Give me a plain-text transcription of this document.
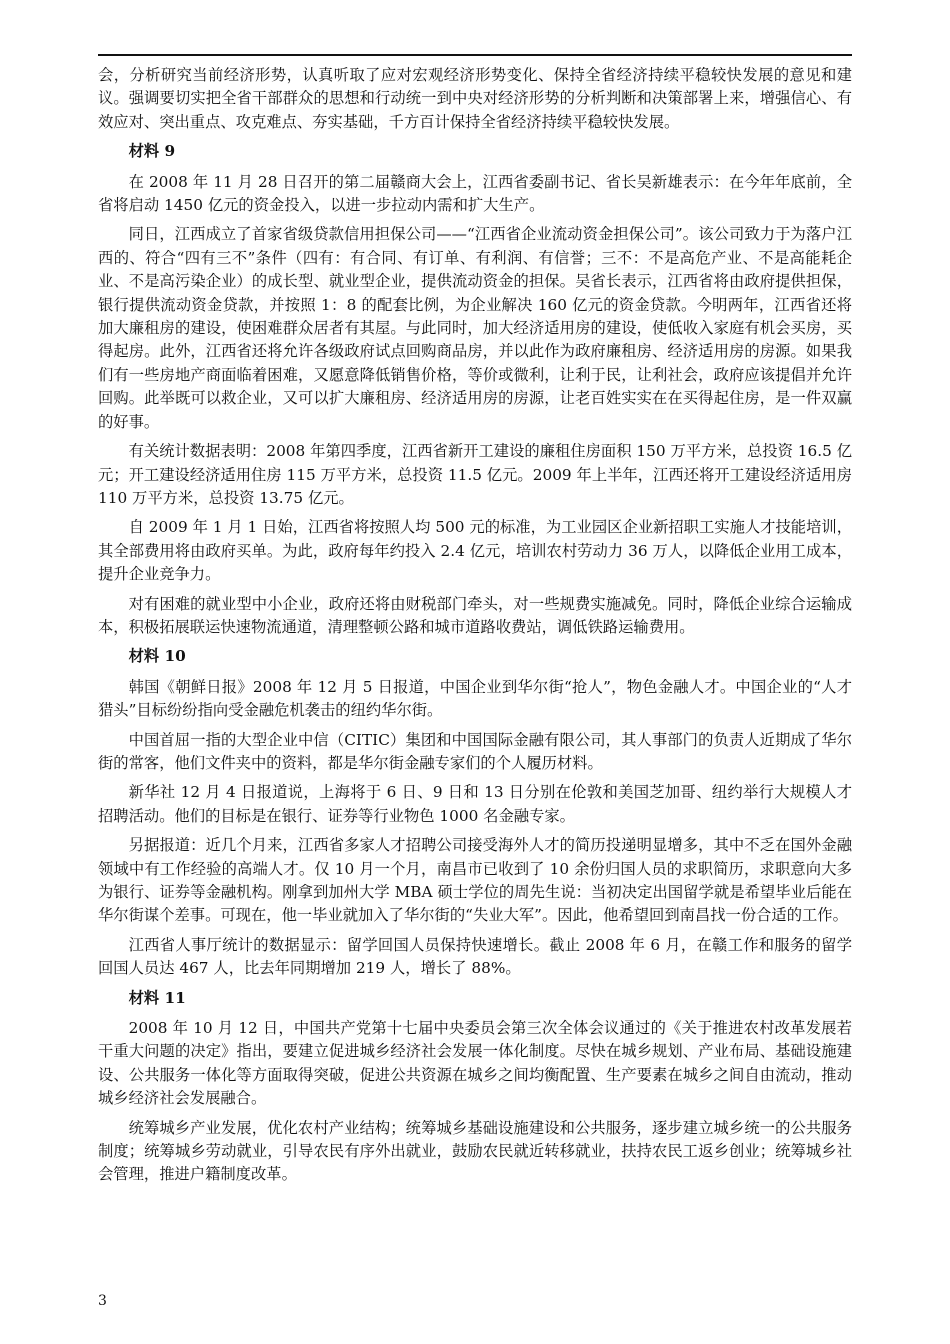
会，分析研究当前经济形势，认真听取了应对宏观经济形势变化、保持全省经济持续平稳较快发展的意见和建议。强调要切实把全省干部群众的思想和行动统一到中央对经济形势的分析判断和决策部署上来，增强信心、有效应对、突出重点、攻克难点、夯实基础，千方百计保持全省经济持续平稳较快发展。

材料 9

在 2008 年 11 月 28 日召开的第二届赣商大会上，江西省委副书记、省长吴新雄表示：在今年年底前，全省将启动 1450 亿元的资金投入，以进一步拉动内需和扩大生产。

同日，江西成立了首家省级贷款信用担保公司——“江西省企业流动资金担保公司”。该公司致力于为落户江西的、符合“四有三不”条件（四有：有合同、有订单、有利润、有信誉；三不：不是高危产业、不是高能耗企业、不是高污染企业）的成长型、就业型企业，提供流动资金的担保。吴省长表示，江西省将由政府提供担保，银行提供流动资金贷款，并按照 1：8 的配套比例，为企业解决 160 亿元的资金贷款。今明两年，江西省还将加大廉租房的建设，使困难群众居者有其屋。与此同时，加大经济适用房的建设，使低收入家庭有机会买房，买得起房。此外，江西省还将允许各级政府试点回购商品房，并以此作为政府廉租房、经济适用房的房源。如果我们有一些房地产商面临着困难，又愿意降低销售价格，等价或微利，让利于民，让利社会，政府应该提倡并允许回购。此举既可以救企业，又可以扩大廉租房、经济适用房的房源，让老百姓实实在在买得起住房，是一件双赢的好事。

有关统计数据表明：2008 年第四季度，江西省新开工建设的廉租住房面积 150 万平方米，总投资 16.5 亿元；开工建设经济适用住房 115 万平方米，总投资 11.5 亿元。2009 年上半年，江西还将开工建设经济适用房 110 万平方米，总投资 13.75 亿元。

自 2009 年 1 月 1 日始，江西省将按照人均 500 元的标准，为工业园区企业新招职工实施人才技能培训，其全部费用将由政府买单。为此，政府每年约投入 2.4 亿元，培训农村劳动力 36 万人，以降低企业用工成本，提升企业竞争力。

对有困难的就业型中小企业，政府还将由财税部门牵头，对一些规费实施减免。同时，降低企业综合运输成本，积极拓展联运快速物流通道，清理整顿公路和城市道路收费站，调低铁路运输费用。

材料 10

韩国《朝鲜日报》2008 年 12 月 5 日报道，中国企业到华尔街“抢人”，物色金融人才。中国企业的“人才猎头”目标纷纷指向受金融危机袭击的纽约华尔街。

中国首屈一指的大型企业中信（CITIC）集团和中国国际金融有限公司，其人事部门的负责人近期成了华尔街的常客，他们文件夹中的资料，都是华尔街金融专家们的个人履历材料。

新华社 12 月 4 日报道说，上海将于 6 日、9 日和 13 日分别在伦敦和美国芝加哥、纽约举行大规模人才招聘活动。他们的目标是在银行、证券等行业物色 1000 名金融专家。

另据报道：近几个月来，江西省多家人才招聘公司接受海外人才的简历投递明显增多，其中不乏在国外金融领域中有工作经验的高端人才。仅 10 月一个月，南昌市已收到了 10 余份归国人员的求职简历，求职意向大多为银行、证券等金融机构。刚拿到加州大学 MBA 硕士学位的周先生说：当初决定出国留学就是希望毕业后能在华尔街谋个差事。可现在，他一毕业就加入了华尔街的“失业大军”。因此，他希望回到南昌找一份合适的工作。

江西省人事厅统计的数据显示：留学回国人员保持快速增长。截止 2008 年 6 月，在赣工作和服务的留学回国人员达 467 人，比去年同期增加 219 人，增长了 88%。

材料 11

2008 年 10 月 12 日，中国共产党第十七届中央委员会第三次全体会议通过的《关于推进农村改革发展若干重大问题的决定》指出，要建立促进城乡经济社会发展一体化制度。尽快在城乡规划、产业布局、基础设施建设、公共服务一体化等方面取得突破，促进公共资源在城乡之间均衡配置、生产要素在城乡之间自由流动，推动城乡经济社会发展融合。

统筹城乡产业发展，优化农村产业结构；统筹城乡基础设施建设和公共服务，逐步建立城乡统一的公共服务制度；统筹城乡劳动就业，引导农民有序外出就业，鼓励农民就近转移就业，扶持农民工返乡创业；统筹城乡社会管理，推进户籍制度改革。

3
